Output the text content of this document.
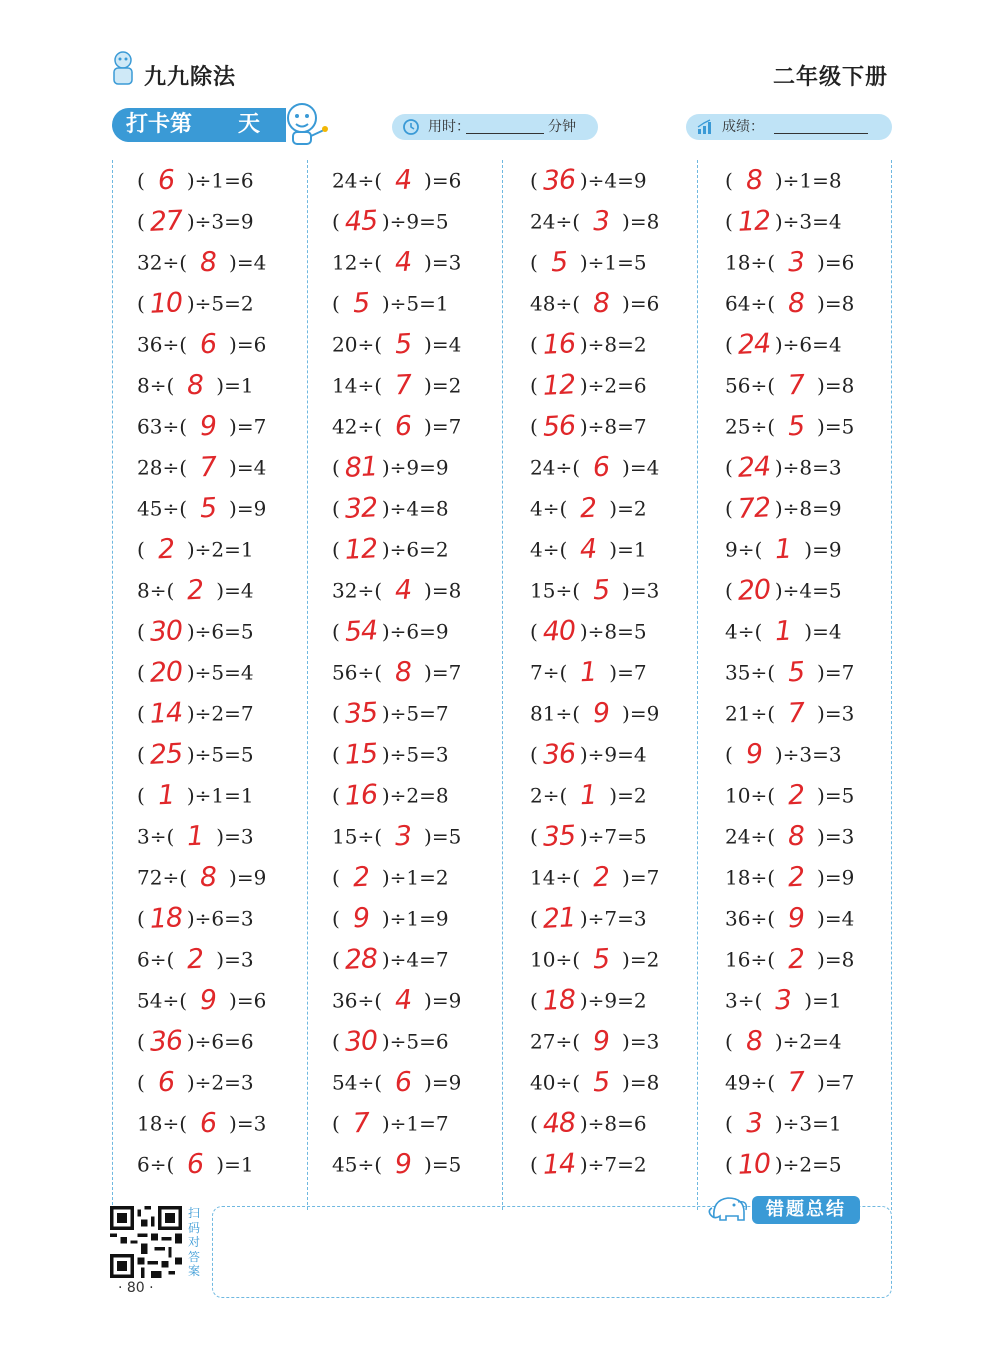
九九除法	二年级下册
打卡第 天	用时：	分钟	成绩：
( 6 )÷1=6
( 27 )÷3=9
32÷( 8 )=4
( 10 )÷5=2
36÷( 6 )=6
8÷( 8 )=1
63÷( 9 )=7
28÷( 7 )=4
45÷( 5 )=9
( 2 )÷2=1
8÷( 2 )=4
( 30 )÷6=5
( 20 )÷5=4
( 14 )÷2=7
( 25 )÷5=5
( 1 )÷1=1
3÷( 1 )=3
72÷( 8 )=9
( 18 )÷6=3
6÷( 2 )=3
54÷( 9 )=6
( 36 )÷6=6
( 6 )÷2=3
18÷( 6 )=3
6÷( 6 )=1
24÷( 4 )=6
( 45 )÷9=5
12÷( 4 )=3
( 5 )÷5=1
20÷( 5 )=4
14÷( 7 )=2
42÷( 6 )=7
( 81 )÷9=9
( 32 )÷4=8
( 12 )÷6=2
32÷( 4 )=8
( 54 )÷6=9
56÷( 8 )=7
( 35 )÷5=7
( 15 )÷5=3
( 16 )÷2=8
15÷( 3 )=5
( 2 )÷1=2
( 9 )÷1=9
( 28 )÷4=7
36÷( 4 )=9
( 30 )÷5=6
54÷( 6 )=9
( 7 )÷1=7
45÷( 9 )=5
( 36 )÷4=9
24÷( 3 )=8
( 5 )÷1=5
48÷( 8 )=6
( 16 )÷8=2
( 12 )÷2=6
( 56 )÷8=7
24÷( 6 )=4
4÷( 2 )=2
4÷( 4 )=1
15÷( 5 )=3
( 40 )÷8=5
7÷( 1 )=7
81÷( 9 )=9
( 36 )÷9=4
2÷( 1 )=2
( 35 )÷7=5
14÷( 2 )=7
( 21 )÷7=3
10÷( 5 )=2
( 18 )÷9=2
27÷( 9 )=3
40÷( 5 )=8
( 48 )÷8=6
( 14 )÷7=2
( 8 )÷1=8
( 12 )÷3=4
18÷( 3 )=6
64÷( 8 )=8
( 24 )÷6=4
56÷( 7 )=8
25÷( 5 )=5
( 24 )÷8=3
( 72 )÷8=9
9÷( 1 )=9
( 20 )÷4=5
4÷( 1 )=4
35÷( 5 )=7
21÷( 7 )=3
( 9 )÷3=3
10÷( 2 )=5
24÷( 8 )=3
18÷( 2 )=9
36÷( 9 )=4
16÷( 2 )=8
3÷( 3 )=1
( 8 )÷2=4
49÷( 7 )=7
( 3 )÷3=1
( 10 )÷2=5
扫码对答案
· 80 ·
错题总结
